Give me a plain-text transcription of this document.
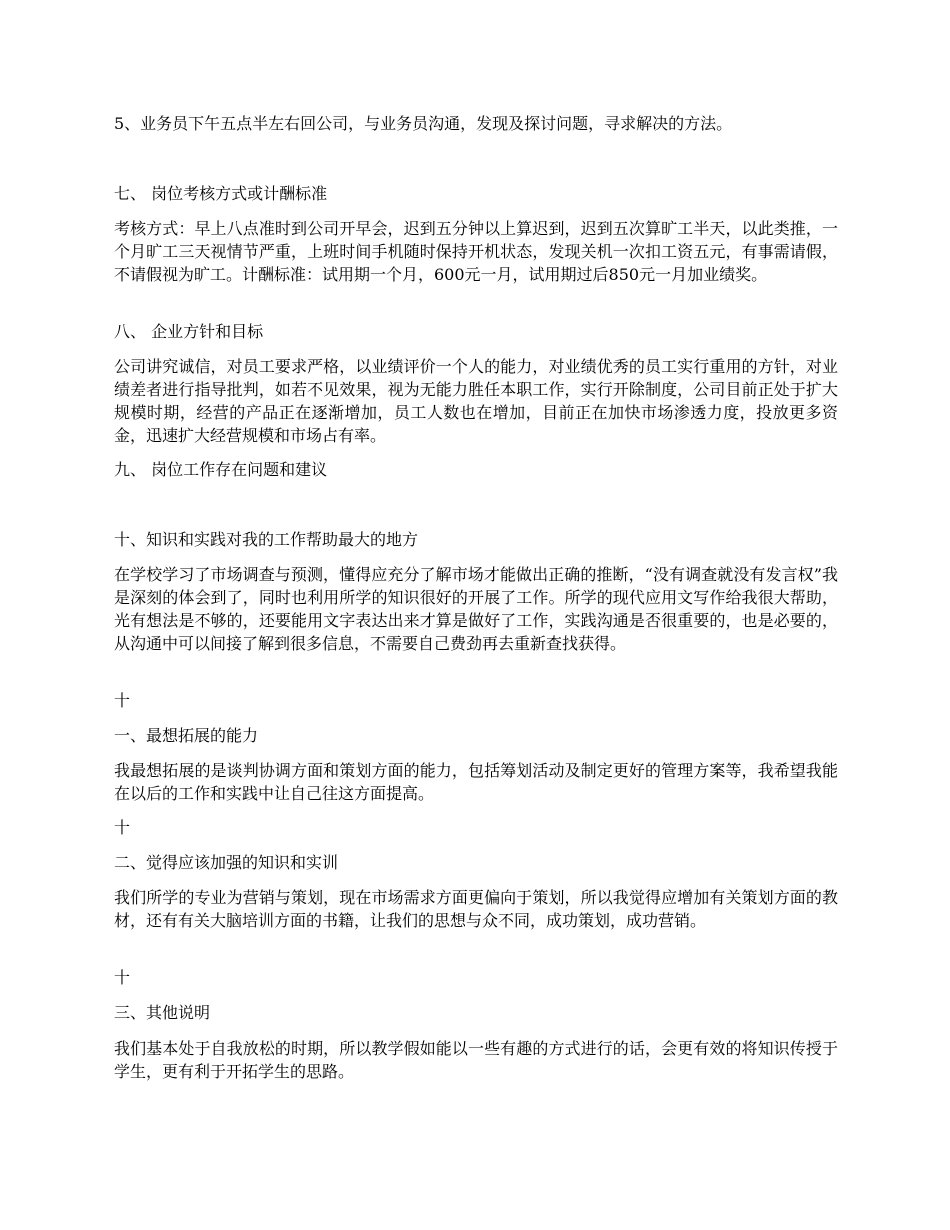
5、业务员下午五点半左右回公司，与业务员沟通，发现及探讨问题，寻求解决的方法。

七、 岗位考核方式或计酬标准

考核方式：早上八点准时到公司开早会，迟到五分钟以上算迟到，迟到五次算旷工半天，以此类推，一个月旷工三天视情节严重，上班时间手机随时保持开机状态，发现关机一次扣工资五元，有事需请假，不请假视为旷工。计酬标准：试用期一个月，600元一月，试用期过后850元一月加业绩奖。

八、 企业方针和目标

公司讲究诚信，对员工要求严格，以业绩评价一个人的能力，对业绩优秀的员工实行重用的方针，对业绩差者进行指导批判，如若不见效果，视为无能力胜任本职工作，实行开除制度，公司目前正处于扩大规模时期，经营的产品正在逐渐增加，员工人数也在增加，目前正在加快市场渗透力度，投放更多资金，迅速扩大经营规模和市场占有率。

九、 岗位工作存在问题和建议

十、知识和实践对我的工作帮助最大的地方

在学校学习了市场调查与预测，懂得应充分了解市场才能做出正确的推断，“没有调查就没有发言权”我是深刻的体会到了，同时也利用所学的知识很好的开展了工作。所学的现代应用文写作给我很大帮助，光有想法是不够的，还要能用文字表达出来才算是做好了工作，实践沟通是否很重要的，也是必要的，从沟通中可以间接了解到很多信息，不需要自己费劲再去重新查找获得。

十

一、最想拓展的能力

我最想拓展的是谈判协调方面和策划方面的能力，包括筹划活动及制定更好的管理方案等，我希望我能在以后的工作和实践中让自己往这方面提高。

十

二、觉得应该加强的知识和实训

我们所学的专业为营销与策划，现在市场需求方面更偏向于策划，所以我觉得应增加有关策划方面的教材，还有有关大脑培训方面的书籍，让我们的思想与众不同，成功策划，成功营销。

十

三、其他说明

我们基本处于自我放松的时期，所以教学假如能以一些有趣的方式进行的话，会更有效的将知识传授于学生，更有利于开拓学生的思路。
